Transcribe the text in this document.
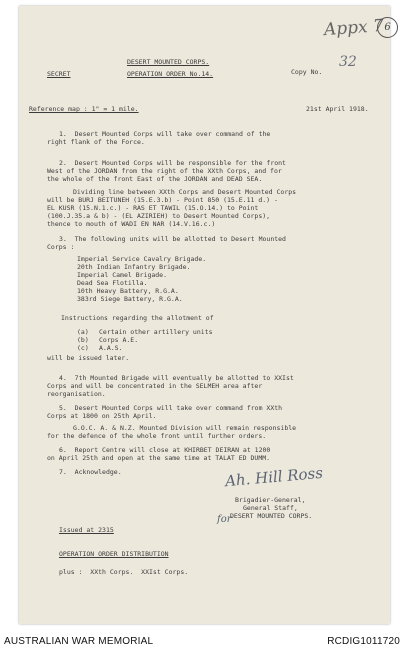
Appx 7 6
DESERT MOUNTED CORPS.
SECRET	OPERATION ORDER No.14.	Copy No.
32
Reference map : 1" = 1 mile.	21st April 1918.
1.  Desert Mounted Corps will take over command of the
right flank of the Force.
2.  Desert Mounted Corps will be responsible for the front
West of the JORDAN from the right of the XXth Corps, and for
the whole of the front East of the JORDAN and DEAD SEA.
Dividing line between XXth Corps and Desert Mounted Corps
will be BURJ BEITUNEH (15.E.3.b) - Point 850 (15.E.11 d.) -
EL KUSR (15.N.1.c.) - RAS ET TAWIL (15.O.14.) to Point
(100.J.35.a & b) - (EL AZIRIEH) to Desert Mounted Corps),
thence to mouth of WADI EN NAR (14.V.16.c.)
3.  The following units will be allotted to Desert Mounted
Corps :
Imperial Service Cavalry Brigade.
20th Indian Infantry Brigade.
Imperial Camel Brigade.
Dead Sea Flotilla.
10th Heavy Battery, R.G.A.
383rd Siege Battery, R.G.A.
Instructions regarding the allotment of
(a) Certain other artillery units
(b) Corps A.E.
(c) A.A.S.
will be issued later.
4.  7th Mounted Brigade will eventually be allotted to XXIst
Corps and will be concentrated in the SELMEH area after
reorganisation.
5.  Desert Mounted Corps will take over command from XXth
Corps at 1800 on 25th April.
G.O.C. A. & N.Z. Mounted Division will remain responsible
for the defence of the whole front until further orders.
6.  Report Centre will close at KHIRBET DEIRAN at 1200
on April 25th and open at the same time at TALAT ED DUMM.
7.  Acknowledge.
Brigadier-General,
General Staff,
DESERT MOUNTED CORPS.
Ah. Hill Ross
for
Issued at 2315
OPERATION ORDER DISTRIBUTION
plus :  XXth Corps.  XXIst Corps.
AUSTRALIAN WAR MEMORIAL	RCDIG1011720
